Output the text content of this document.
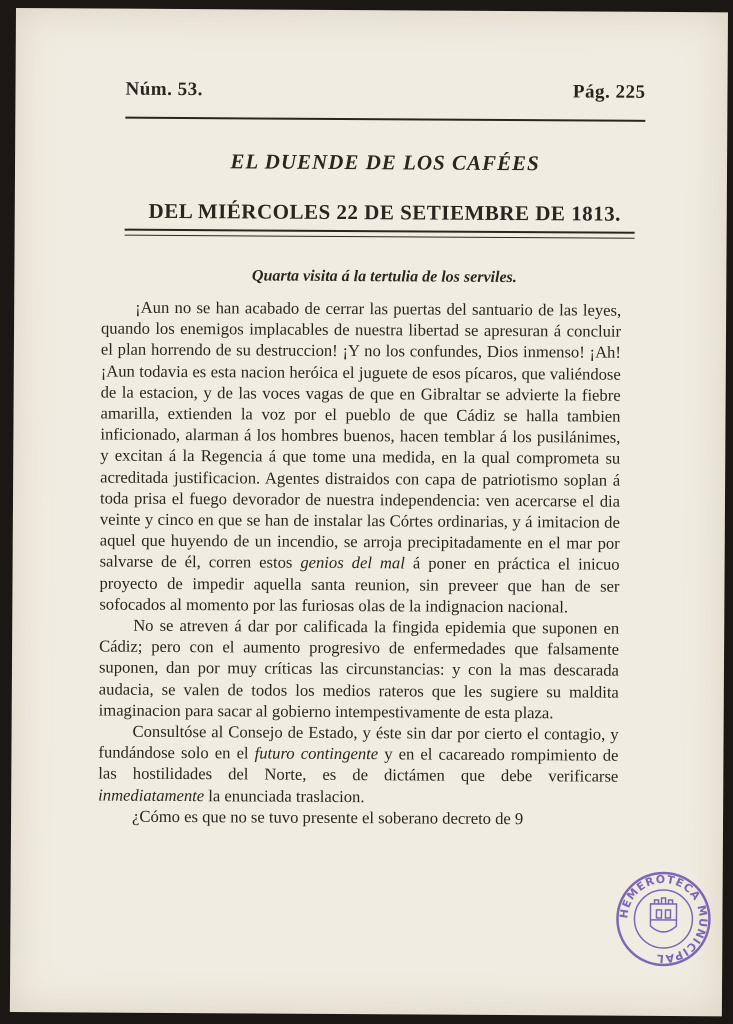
Núm. 53.	Pág. 225
EL DUENDE DE LOS CAFÉES
DEL MIÉRCOLES 22 DE SETIEMBRE DE 1813.
Quarta visita á la tertulia de los serviles.

¡Aun no se han acabado de cerrar las puertas del santuario de las leyes, quando los enemigos implacables de nuestra libertad se apresuran á concluir el plan horrendo de su destruccion! ¡Y no los confundes, Dios inmenso! ¡Ah! ¡Aun todavia es esta nacion heróica el juguete de esos pícaros, que valiéndose de la estacion, y de las voces vagas de que en Gibraltar se advierte la fiebre amarilla, extienden la voz por el pueblo de que Cádiz se halla tambien inficionado, alarman á los hombres buenos, hacen temblar á los pusilánimes, y excitan á la Regencia á que tome una medida, en la qual comprometa su acreditada justificacion. Agentes distraidos con capa de patriotismo soplan á toda prisa el fuego devorador de nuestra independencia: ven acercarse el dia veinte y cinco en que se han de instalar las Córtes ordinarias, y á imitacion de aquel que huyendo de un incendio, se arroja precipitadamente en el mar por salvarse de él, corren estos genios del mal á poner en práctica el inicuo proyecto de impedir aquella santa reunion, sin preveer que han de ser sofocados al momento por las furiosas olas de la indignacion nacional.

No se atreven á dar por calificada la fingida epidemia que suponen en Cádiz; pero con el aumento progresivo de enfermedades que falsamente suponen, dan por muy críticas las circunstancias: y con la mas descarada audacia, se valen de todos los medios rateros que les sugiere su maldita imaginacion para sacar al gobierno intempestivamente de esta plaza.

Consultóse al Consejo de Estado, y éste sin dar por cierto el contagio, y fundándose solo en el futuro contingente y en el cacareado rompimiento de las hostilidades del Norte, es de dictámen que debe verificarse inmediatamente la enunciada traslacion.

¿Cómo es que no se tuvo presente el soberano decreto de 9

HEMEROTECA MUNICIPAL
